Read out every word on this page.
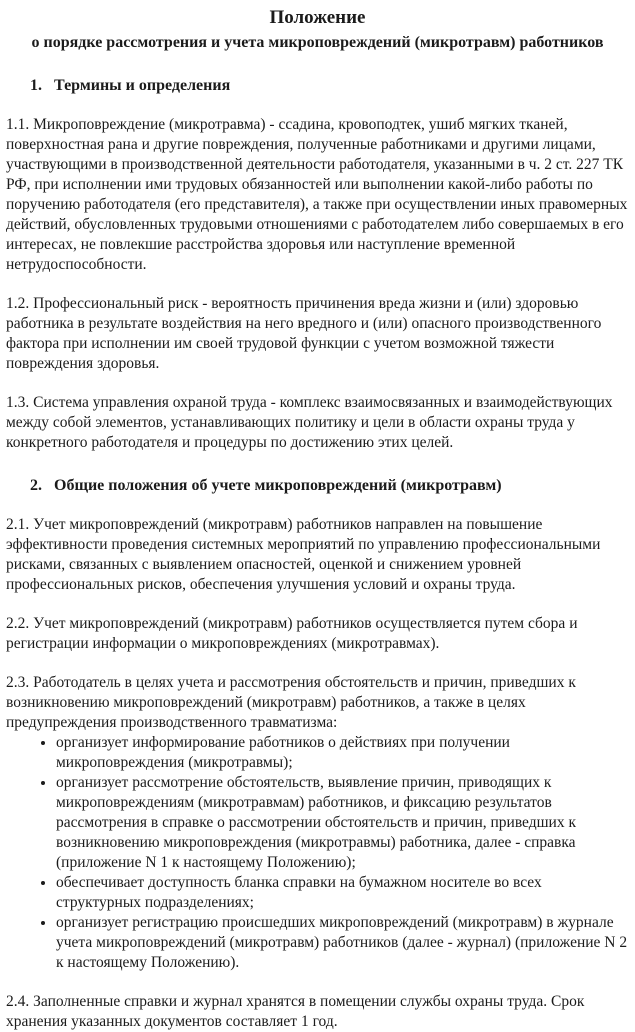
Положение
о порядке рассмотрения и учета микроповреждений (микротравм) работников
1. Термины и определения

1.1. Микроповреждение (микротравма) - ссадина, кровоподтек, ушиб мягких тканей, поверхностная рана и другие повреждения, полученные работниками и другими лицами, участвующими в производственной деятельности работодателя, указанными в ч. 2 ст. 227 ТК РФ, при исполнении ими трудовых обязанностей или выполнении какой-либо работы по поручению работодателя (его представителя), а также при осуществлении иных правомерных действий, обусловленных трудовыми отношениями с работодателем либо совершаемых в его интересах, не повлекшие расстройства здоровья или наступление временной нетрудоспособности.

1.2. Профессиональный риск - вероятность причинения вреда жизни и (или) здоровью работника в результате воздействия на него вредного и (или) опасного производственного фактора при исполнении им своей трудовой функции с учетом возможной тяжести повреждения здоровья.

1.3. Система управления охраной труда - комплекс взаимосвязанных и взаимодействующих между собой элементов, устанавливающих политику и цели в области охраны труда у конкретного работодателя и процедуры по достижению этих целей.

2. Общие положения об учете микроповреждений (микротравм)

2.1. Учет микроповреждений (микротравм) работников направлен на повышение эффективности проведения системных мероприятий по управлению профессиональными рисками, связанных с выявлением опасностей, оценкой и снижением уровней профессиональных рисков, обеспечения улучшения условий и охраны труда.

2.2. Учет микроповреждений (микротравм) работников осуществляется путем сбора и регистрации информации о микроповреждениях (микротравмах).

2.3. Работодатель в целях учета и рассмотрения обстоятельств и причин, приведших к возникновению микроповреждений (микротравм) работников, а также в целях предупреждения производственного травматизма:

• организует информирование работников о действиях при получении микроповреждения (микротравмы);
• организует рассмотрение обстоятельств, выявление причин, приводящих к микроповреждениям (микротравмам) работников, и фиксацию результатов рассмотрения в справке о рассмотрении обстоятельств и причин, приведших к возникновению микроповреждения (микротравмы) работника, далее - справка (приложение N 1 к настоящему Положению);
• обеспечивает доступность бланка справки на бумажном носителе во всех структурных подразделениях;
• организует регистрацию происшедших микроповреждений (микротравм) в журнале учета микроповреждений (микротравм) работников (далее - журнал) (приложение N 2 к настоящему Положению).

2.4. Заполненные справки и журнал хранятся в помещении службы охраны труда. Срок хранения указанных документов составляет 1 год.
